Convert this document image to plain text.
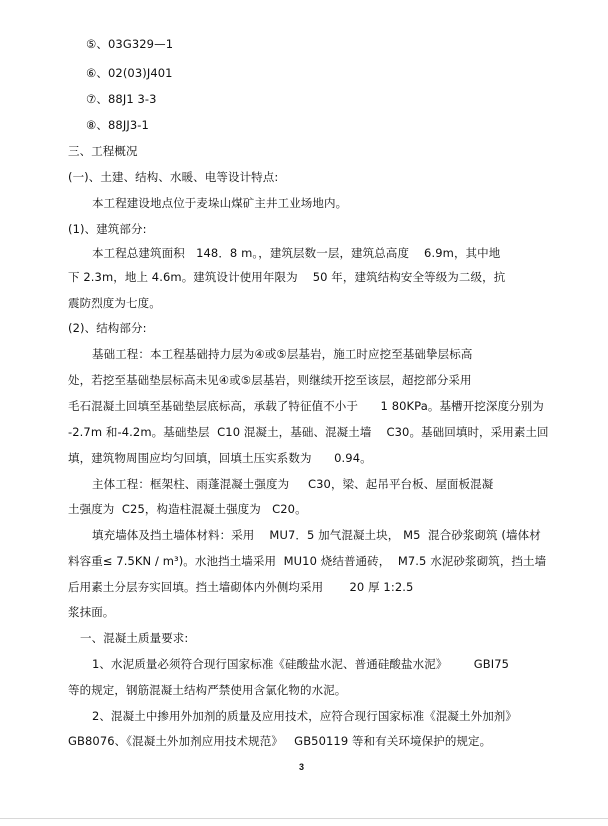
⑤、03G329—1
⑥、02(03)J401
⑦、88J1 3-3
⑧、88JJ3-1
三、工程概况
(一)、土建、结构、水暖、电等设计特点:
本工程建设地点位于麦垛山煤矿主井工业场地内。
(1)、建筑部分:
本工程总建筑面积   148．8 m。，建筑层数一层，建筑总高度    6.9m，其中地
下 2.3m，地上 4.6m。建筑设计使用年限为    50 年，建筑结构安全等级为二级，抗
震防烈度为七度。
(2)、结构部分:
基础工程：本工程基础持力层为④或⑤层基岩，施工时应挖至基础挚层标高
处，若挖至基础垫层标高未见④或⑤层基岩，则继续开挖至该层，超挖部分采用
毛石混凝土回填至基础垫层底标高，承载了特征值不小于      1 80KPa。基槽开挖深度分别为
-2.7m 和-4.2m。基础垫层  C10 混凝土，基础、混凝土墙    C30。基础回填时，采用素土回
填，建筑物周围应均匀回填，回填土压实系数为      0.94。
主体工程：框架柱、雨蓬混凝土强度为     C30，梁、起吊平台板、屋面板混凝
土强度为  C25，构造柱混凝土强度为   C20。
填充墙体及挡土墙体材料：采用    MU7．5 加气混凝土块， M5  混合砂浆砌筑 (墙体材
料容重≤ 7.5KN / m³)。水池挡土墙采用  MU10 烧结普通砖，  M7.5 水泥砂浆砌筑，挡土墙
后用素土分层夯实回填。挡土墙砌体内外侧均采用       20 厚 1:2.5
浆抹面。
一、混凝土质量要求:
1、水泥质量必须符合现行国家标准《硅酸盐水泥、普通硅酸盐水泥》       GBI75
等的规定，钢筋混凝土结构严禁使用含氯化物的水泥。
2、混凝土中掺用外加剂的质量及应用技术，应符合现行国家标准《混凝土外加剂》
GB8076、《混凝土外加剂应用技术规范》   GB50119 等和有关环境保护的规定。
3
